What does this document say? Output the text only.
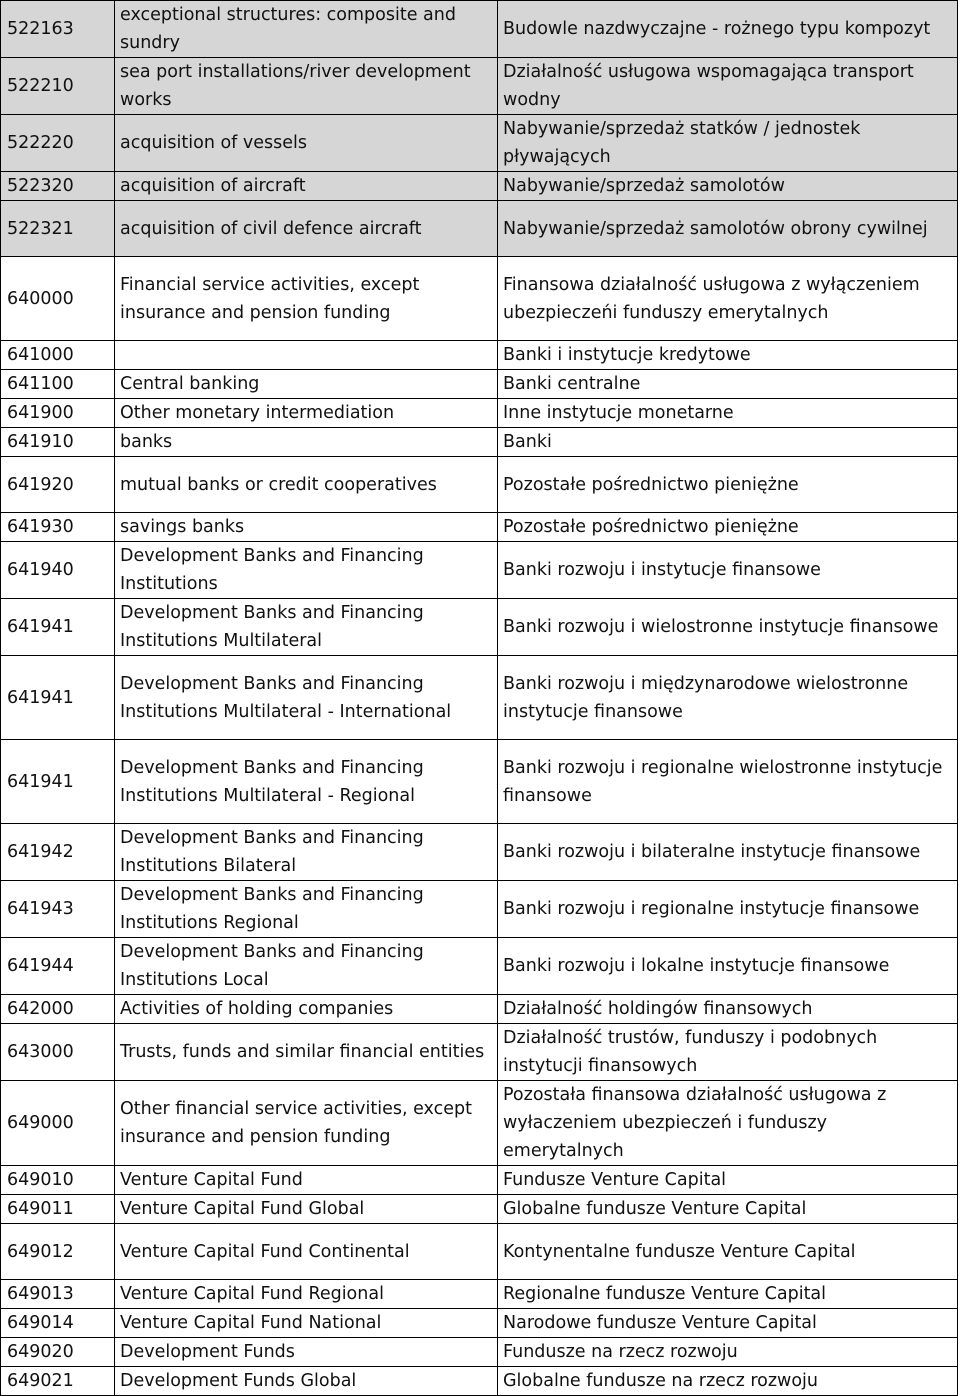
522163	exceptional structures: composite and sundry	Budowle nazdwyczajne - rożnego typu kompozyt
522210	sea port installations/river development works	Działalność usługowa wspomagająca transport wodny
522220	acquisition of vessels	Nabywanie/sprzedaż statków / jednostek pływających
522320	acquisition of aircraft	Nabywanie/sprzedaż samolotów
522321	acquisition of civil defence aircraft	Nabywanie/sprzedaż samolotów obrony cywilnej
640000	Financial service activities, except insurance and pension funding	Finansowa działalność usługowa z wyłączeniem ubezpieczeńi funduszy emerytalnych
641000		Banki i instytucje kredytowe
641100	Central banking	Banki centralne
641900	Other monetary intermediation	Inne instytucje monetarne
641910	banks	Banki
641920	mutual banks or credit cooperatives	Pozostałe pośrednictwo pieniężne
641930	savings banks	Pozostałe pośrednictwo pieniężne
641940	Development Banks and Financing Institutions	Banki rozwoju i instytucje finansowe
641941	Development Banks and Financing Institutions Multilateral	Banki rozwoju i wielostronne instytucje finansowe
641941	Development Banks and Financing Institutions Multilateral - International	Banki rozwoju i międzynarodowe wielostronne instytucje finansowe
641941	Development Banks and Financing Institutions Multilateral - Regional	Banki rozwoju i regionalne wielostronne instytucje finansowe
641942	Development Banks and Financing Institutions Bilateral	Banki rozwoju i bilateralne instytucje finansowe
641943	Development Banks and Financing Institutions Regional	Banki rozwoju i regionalne instytucje finansowe
641944	Development Banks and Financing Institutions Local	Banki rozwoju i lokalne instytucje finansowe
642000	Activities of holding companies	Działalność holdingów finansowych
643000	Trusts, funds and similar financial entities	Działalność trustów, funduszy i podobnych instytucji finansowych
649000	Other financial service activities, except insurance and pension funding	Pozostała finansowa działalność usługowa z wyłaczeniem ubezpieczeń i funduszy emerytalnych
649010	Venture Capital Fund	Fundusze Venture Capital
649011	Venture Capital Fund Global	Globalne fundusze Venture Capital
649012	Venture Capital Fund Continental	Kontynentalne fundusze Venture Capital
649013	Venture Capital Fund Regional	Regionalne fundusze Venture Capital
649014	Venture Capital Fund National	Narodowe fundusze Venture Capital
649020	Development Funds	Fundusze na rzecz rozwoju
649021	Development Funds Global	Globalne fundusze na rzecz rozwoju
